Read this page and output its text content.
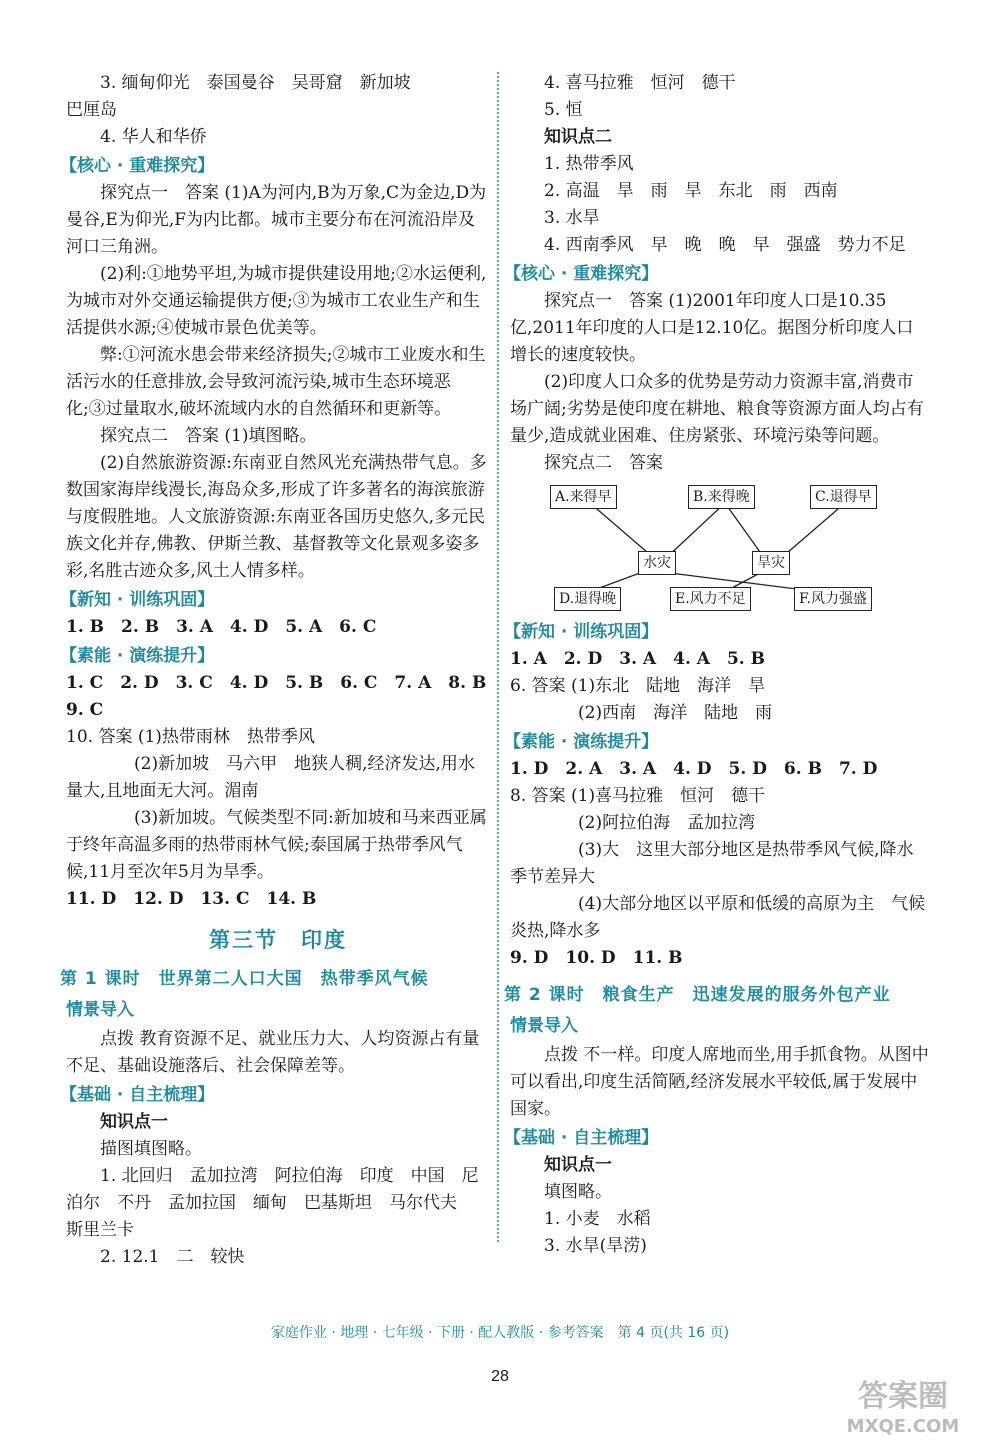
3. 缅甸仰光　泰国曼谷　吴哥窟　新加坡

巴厘岛

4. 华人和华侨

【核心 · 重难探究】

探究点一　答案 (1)A为河内,B为万象,C为金边,D为曼谷,E为仰光,F为内比都。城市主要分布在河流沿岸及河口三角洲。

(2)利:①地势平坦,为城市提供建设用地;②水运便利,为城市对外交通运输提供方便;③为城市工农业生产和生活提供水源;④使城市景色优美等。

弊:①河流水患会带来经济损失;②城市工业废水和生活污水的任意排放,会导致河流污染,城市生态环境恶化;③过量取水,破坏流域内水的自然循环和更新等。

探究点二　答案 (1)填图略。

(2)自然旅游资源:东南亚自然风光充满热带气息。多数国家海岸线漫长,海岛众多,形成了许多著名的海滨旅游与度假胜地。人文旅游资源:东南亚各国历史悠久,多元民族文化并存,佛教、伊斯兰教、基督教等文化景观多姿多彩,名胜古迹众多,风土人情多样。

【新知 · 训练巩固】

1. B　2. B　3. A　4. D　5. A　6. C

【素能 · 演练提升】

1. C　2. D　3. C　4. D　5. B　6. C　7. A　8. B

9. C

10. 答案 (1)热带雨林　热带季风

(2)新加坡　马六甲　地狭人稠,经济发达,用水量大,且地面无大河。湄南

(3)新加坡。气候类型不同:新加坡和马来西亚属于终年高温多雨的热带雨林气候;泰国属于热带季风气候,11月至次年5月为旱季。

11. D　12. D　13. C　14. B

第三节　印度
第 1 课时　世界第二人口大国　热带季风气候
情景导入

点拨 教育资源不足、就业压力大、人均资源占有量不足、基础设施落后、社会保障差等。

【基础 · 自主梳理】

知识点一

描图填图略。

1. 北回归　孟加拉湾　阿拉伯海　印度　中国　尼泊尔　不丹　孟加拉国　缅甸　巴基斯坦　马尔代夫　斯里兰卡

2. 12.1　二　较快

4. 喜马拉雅　恒河　德干

5. 恒

知识点二

1. 热带季风

2. 高温　旱　雨　旱　东北　雨　西南

3. 水旱

4. 西南季风　早　晚　晚　早　强盛　势力不足

【核心 · 重难探究】

探究点一　答案 (1)2001年印度人口是10.35亿,2011年印度的人口是12.10亿。据图分析印度人口增长的速度较快。

(2)印度人口众多的优势是劳动力资源丰富,消费市场广阔;劣势是使印度在耕地、粮食等资源方面人均占有量少,造成就业困难、住房紧张、环境污染等问题。

探究点二　答案

A.来得早	B.来得晚	C.退得早
水灾	旱灾
D.退得晚	E.风力不足	F.风力强盛
【新知 · 训练巩固】

1. A　2. D　3. A　4. A　5. B

6. 答案 (1)东北　陆地　海洋　旱

(2)西南　海洋　陆地　雨

【素能 · 演练提升】

1. D　2. A　3. A　4. D　5. D　6. B　7. D

8. 答案 (1)喜马拉雅　恒河　德干

(2)阿拉伯海　孟加拉湾

(3)大　这里大部分地区是热带季风气候,降水季节差异大

(4)大部分地区以平原和低缓的高原为主　气候炎热,降水多

9. D　10. D　11. B

第 2 课时　粮食生产　迅速发展的服务外包产业
情景导入

点拨 不一样。印度人席地而坐,用手抓食物。从图中可以看出,印度生活简陋,经济发展水平较低,属于发展中国家。

【基础 · 自主梳理】

知识点一

填图略。

1. 小麦　水稻

3. 水旱(旱涝)

家庭作业 · 地理 · 七年级 · 下册 · 配人教版 · 参考答案　第 4 页(共 16 页)
28
答案圈
MXQE.COM
